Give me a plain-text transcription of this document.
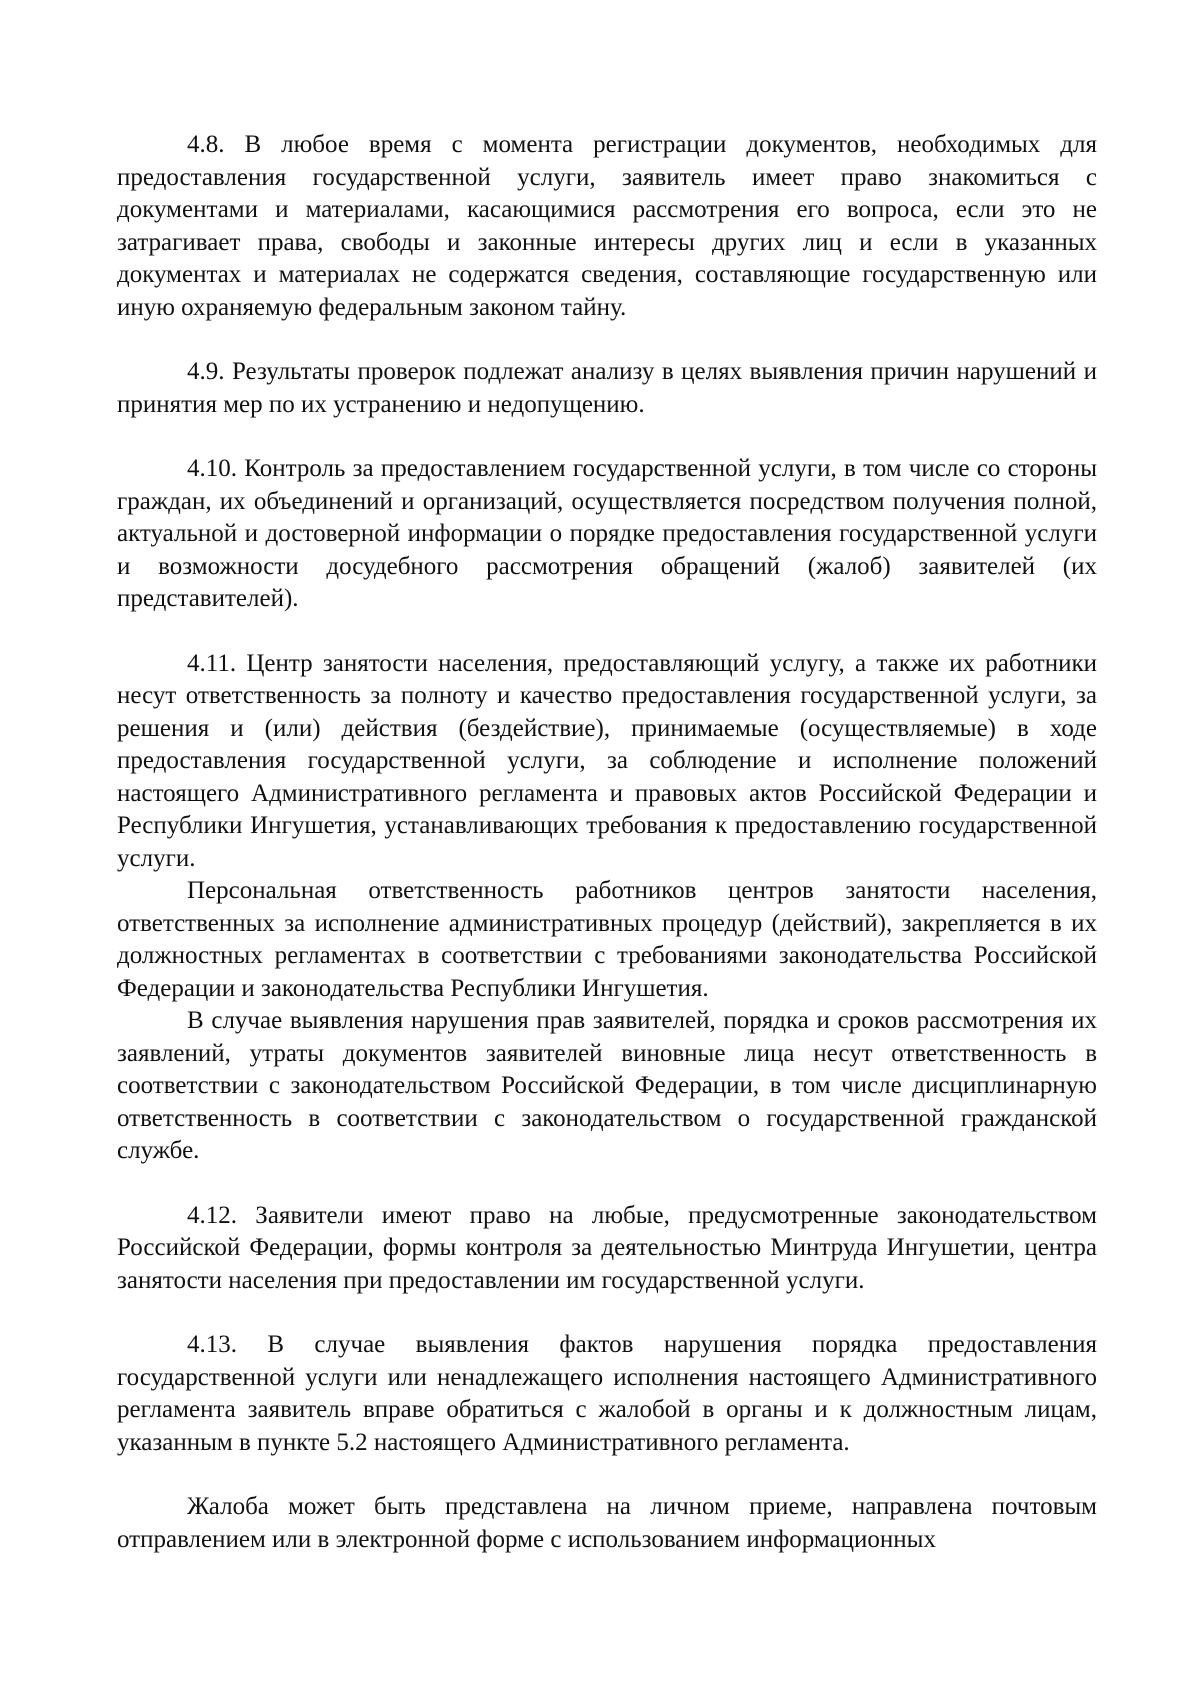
4.8. В любое время с момента регистрации документов, необходимых для предоставления государственной услуги, заявитель имеет право знакомиться с документами и материалами, касающимися рассмотрения его вопроса, если это не затрагивает права, свободы и законные интересы других лиц и если в указанных документах и материалах не содержатся сведения, составляющие государственную или иную охраняемую федеральным законом тайну.

4.9. Результаты проверок подлежат анализу в целях выявления причин нарушений и принятия мер по их устранению и недопущению.

4.10. Контроль за предоставлением государственной услуги, в том числе со стороны граждан, их объединений и организаций, осуществляется посредством получения полной, актуальной и достоверной информации о порядке предоставления государственной услуги и возможности досудебного рассмотрения обращений (жалоб) заявителей (их представителей).

4.11. Центр занятости населения, предоставляющий услугу, а также их работники несут ответственность за полноту и качество предоставления государственной услуги, за решения и (или) действия (бездействие), принимаемые (осуществляемые) в ходе предоставления государственной услуги, за соблюдение и исполнение положений настоящего Административного регламента и правовых актов Российской Федерации и Республики Ингушетия, устанавливающих требования к предоставлению государственной услуги.

Персональная ответственность работников центров занятости населения, ответственных за исполнение административных процедур (действий), закрепляется в их должностных регламентах в соответствии с требованиями законодательства Российской Федерации и законодательства Республики Ингушетия.

В случае выявления нарушения прав заявителей, порядка и сроков рассмотрения их заявлений, утраты документов заявителей виновные лица несут ответственность в соответствии с законодательством Российской Федерации, в том числе дисциплинарную ответственность в соответствии с законодательством о государственной гражданской службе.

4.12. Заявители имеют право на любые, предусмотренные законодательством Российской Федерации, формы контроля за деятельностью Минтруда Ингушетии, центра занятости населения при предоставлении им государственной услуги.

4.13. В случае выявления фактов нарушения порядка предоставления государственной услуги или ненадлежащего исполнения настоящего Административного регламента заявитель вправе обратиться с жалобой в органы и к должностным лицам, указанным в пункте 5.2 настоящего Административного регламента.

Жалоба может быть представлена на личном приеме, направлена почтовым отправлением или в электронной форме с использованием информационных
